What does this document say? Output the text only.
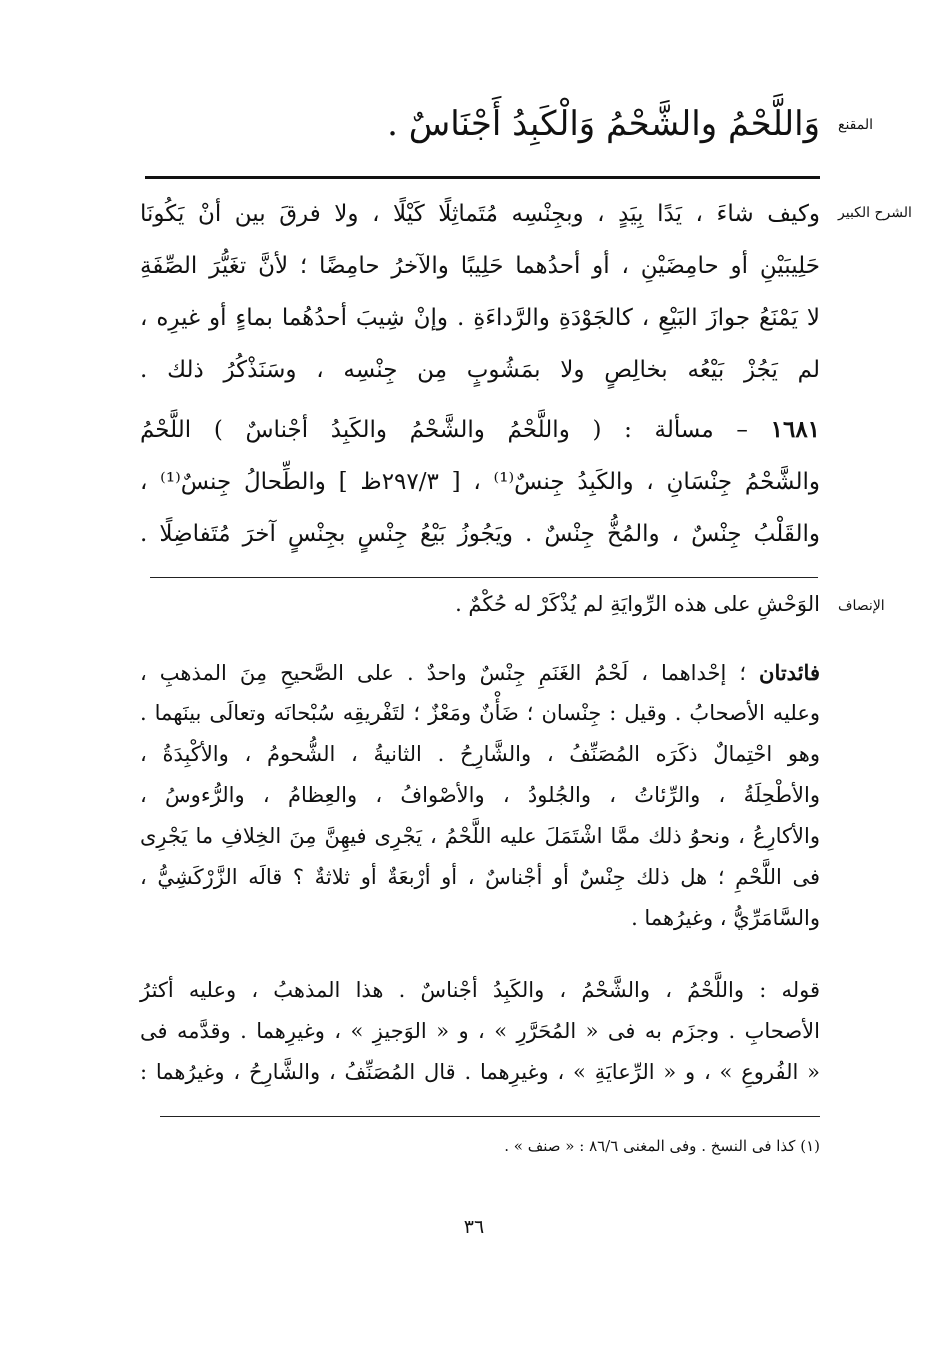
المقنع
وَاللَّحْمُ والشَّحْمُ وَالْكَبِدُ أَجْنَاسٌ .
الشرح الكبير
وكيف شاءَ ، يَدًا بِيَدٍ ، وبجِنْسِه مُتَماثِلًا كَيْلًا ، ولا فرقَ بين أنْ يَكُونَا
حَلِيبَيْنِ أو حامِضَيْنِ ، أو أحدُهما حَلِيبًا والآخرُ حامِضًا ؛ لأنَّ تغَيُّرَ الصِّفَةِ
لا يَمْنَعُ جوازَ البَيْعِ ، كالجَوْدَةِ والرَّداءَةِ . وإنْ شِيبَ أحدُهُما بماءٍ أو غيرِه ،
لم يَجُزْ بَيْعُه بخالِصٍ ولا بمَشُوبٍ مِن جِنْسِه ، وسَنَذْكُرُ ذلك .
١٦٨١ – مسألة : ( واللَّحْمُ والشَّحْمُ والكَبِدُ أجْناسٌ ) اللَّحْمُ
والشَّحْمُ جِنْسَانِ ، والكَبِدُ جِنسٌ⁽¹⁾ ، [ ٢٩٧/٣ظ ] والطِّحالُ جِنسٌ⁽¹⁾ ،
والقَلْبُ جِنْسٌ ، والمُخُّ جِنْسٌ . ويَجُوزُ بَيْعُ جِنْسٍ بجِنْسٍ آخرَ مُتَفاضِلًا .
الإنصاف
الوَحْشِ على هذه الرِّوايَةِ لم يُذْكَرْ له حُكْمٌ .
فائدتان ؛ إحْداهما ، لَحْمُ الغَنَمِ جِنْسٌ واحدٌ . على الصَّحيحِ مِنَ المذهبِ ،
وعليه الأصحابُ . وقيل : جِنْسان ؛ ضَأْنٌ ومَعْزٌ ؛ لتَفْريقِه سُبْحانَه وتعالَى بينَهما .
وهو احْتِمالٌ ذكَرَه المُصَنِّفُ ، والشَّارِحُ . الثانيةُ ، الشُّحومُ ، والأكْبِدَةُ ،
والأطْحِلَةُ ، والرِّئاتُ ، والجُلودُ ، والأصْوافُ ، والعِظامُ ، والرُّءوسُ ،
والأكارِعُ ، ونحوُ ذلك ممَّا اشْتَمَلَ عليه اللَّحْمُ ، يَجْرِى فيهِنَّ مِنَ الخِلافِ ما يَجْرِى
فى اللَّحْمِ ؛ هل ذلك جِنْسٌ أو أجْناسٌ ، أو أرْبعَةٌ أو ثلاثةٌ ؟ قالَه الزَّرْكَشِيُّ ،
والسَّامَرِّيُّ ، وغيرُهما .
قوله : واللَّحْمُ ، والشَّحْمُ ، والكَبِدُ أجْناسٌ . هذا المذهبُ ، وعليه أكثرُ
الأصحابِ . وجزَم به فى « المُحَرَّرِ » ، و « الوَجيزِ » ، وغيرِهما . وقدَّمه فى
« الفُروعِ » ، و « الرِّعايَةِ » ، وغيرِهما . قال المُصَنِّفُ ، والشَّارِحُ ، وغيرُهما :
(١) كذا فى النسخ . وفى المغنى ٨٦/٦ : « صنف » .
٣٦
